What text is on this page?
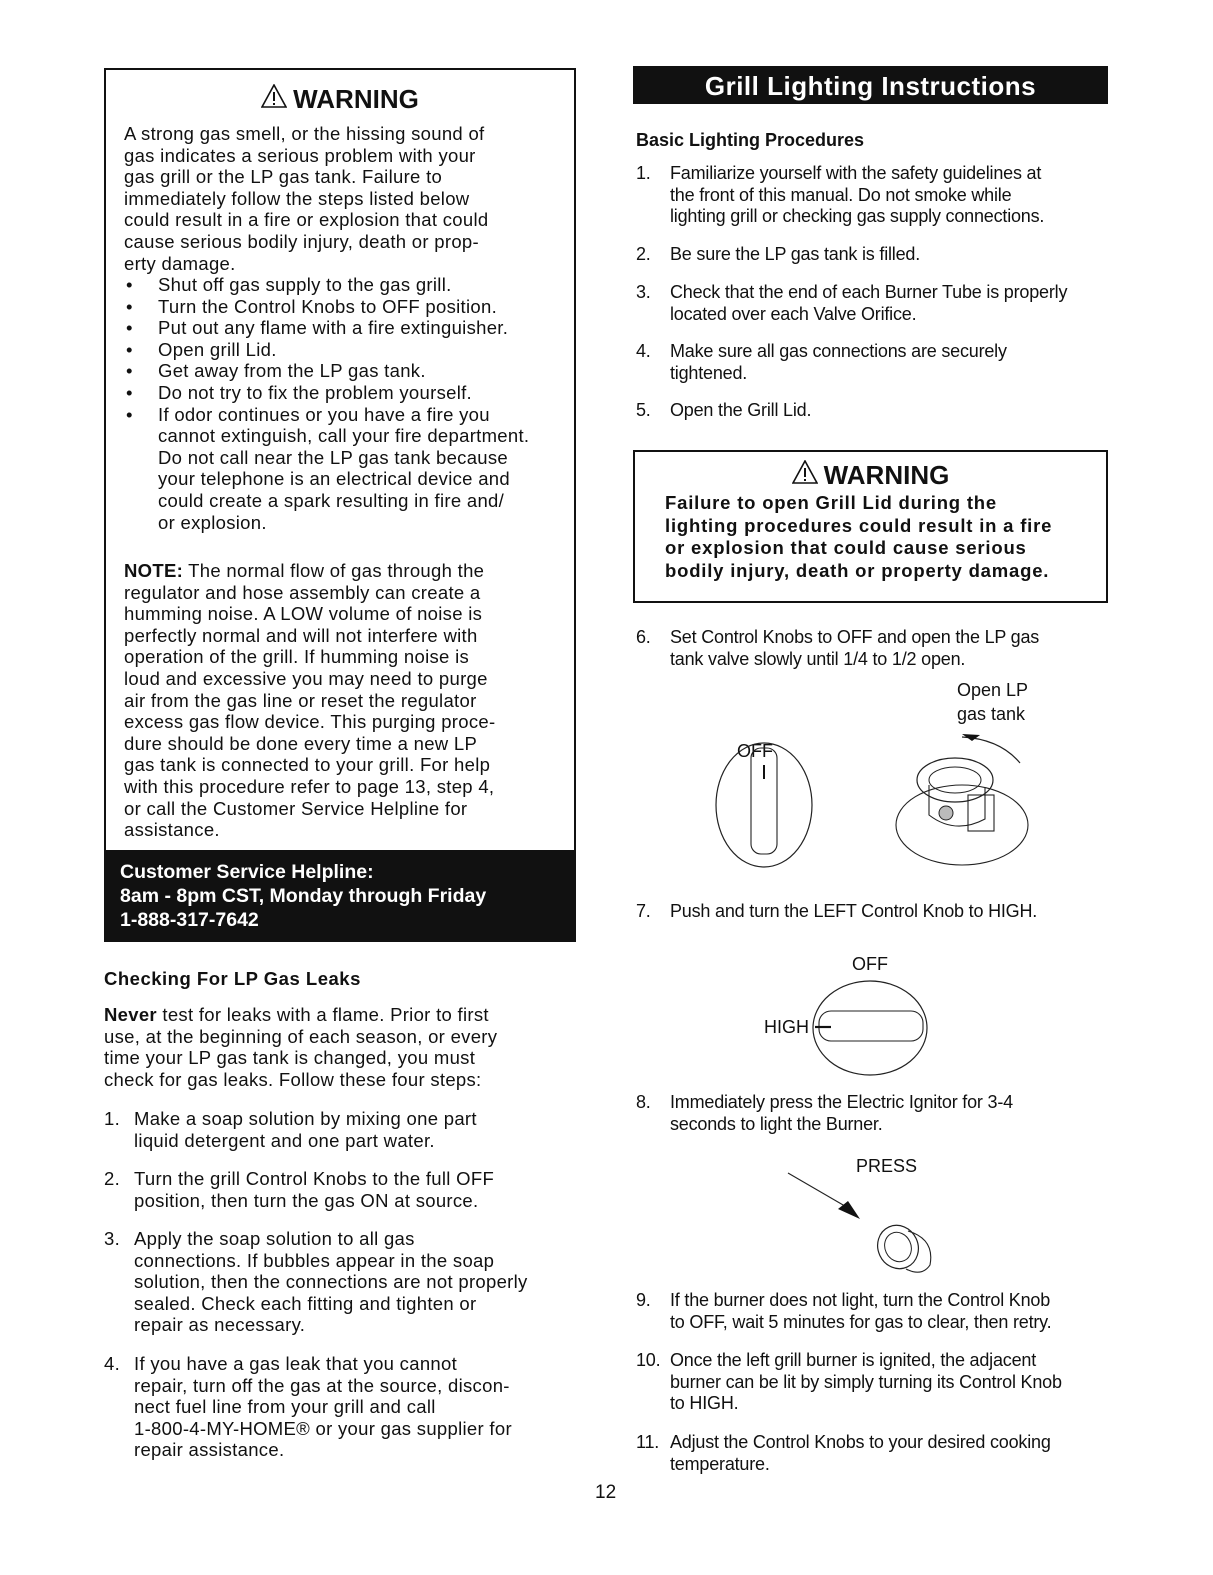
WARNING
A strong gas smell, or the hissing sound of
gas indicates a serious problem with your
gas grill or the LP gas tank. Failure to
immediately follow the steps listed below
could result in a fire or explosion that could
cause serious bodily injury, death or prop-
erty damage.
• Shut off gas supply to the gas grill.
• Turn the Control Knobs to OFF position.
• Put out any flame with a fire extinguisher.
• Open grill Lid.
• Get away from the LP gas tank.
• Do not try to fix the problem yourself.
• If odor continues or you have a fire you
cannot extinguish, call your fire department.
Do not call near the LP gas tank because
your telephone is an electrical device and
could create a spark resulting in fire and/
or explosion.
NOTE: The normal flow of gas through the
regulator and hose assembly can create a
humming noise. A LOW volume of noise is
perfectly normal and will not interfere with
operation of the grill. If humming noise is
loud and excessive you may need to purge
air from the gas line or reset the regulator
excess gas flow device. This purging proce-
dure should be done every time a new LP
gas tank is connected to your grill. For help
with this procedure refer to page 13, step 4,
or call the Customer Service Helpline for
assistance.
Customer Service Helpline:
8am - 8pm CST, Monday through Friday
1-888-317-7642
Checking For LP Gas Leaks
Never test for leaks with a flame. Prior to first
use, at the beginning of each season, or every
time your LP gas tank is changed, you must
check for gas leaks. Follow these four steps:
1. Make a soap solution by mixing one part
liquid detergent and one part water.
2. Turn the grill Control Knobs to the full OFF
position, then turn the gas ON at source.
3. Apply the soap solution to all gas
connections. If bubbles appear in the soap
solution, then the connections are not properly
sealed. Check each fitting and tighten or
repair as necessary.
4. If you have a gas leak that you cannot
repair, turn off the gas at the source, discon-
nect fuel line from your grill and call
1-800-4-MY-HOME® or your gas supplier for
repair assistance.
Grill Lighting Instructions
Basic Lighting Procedures
1. Familiarize yourself with the safety guidelines at
the front of this manual. Do not smoke while
lighting grill or checking gas supply connections.
2. Be sure the LP gas tank is filled.
3. Check that the end of each Burner Tube is properly
located over each Valve Orifice.
4. Make sure all gas connections are securely
tightened.
5. Open the Grill Lid.
WARNING
Failure to open Grill Lid during the
lighting procedures could result in a fire
or explosion that could cause serious
bodily injury, death or property damage.
6. Set Control Knobs to OFF and open the LP gas
tank valve slowly until 1/4 to 1/2 open.
Open LP
gas tank
OFF
7. Push and turn the LEFT Control Knob to HIGH.
OFF
HIGH
8. Immediately press the Electric Ignitor for 3-4
seconds to light the Burner.
PRESS
9. If the burner does not light, turn the Control Knob
to OFF, wait 5 minutes for gas to clear, then retry.
10. Once the left grill burner is ignited, the adjacent
burner can be lit by simply turning its Control Knob
to HIGH.
11. Adjust the Control Knobs to your desired cooking
temperature.
12
